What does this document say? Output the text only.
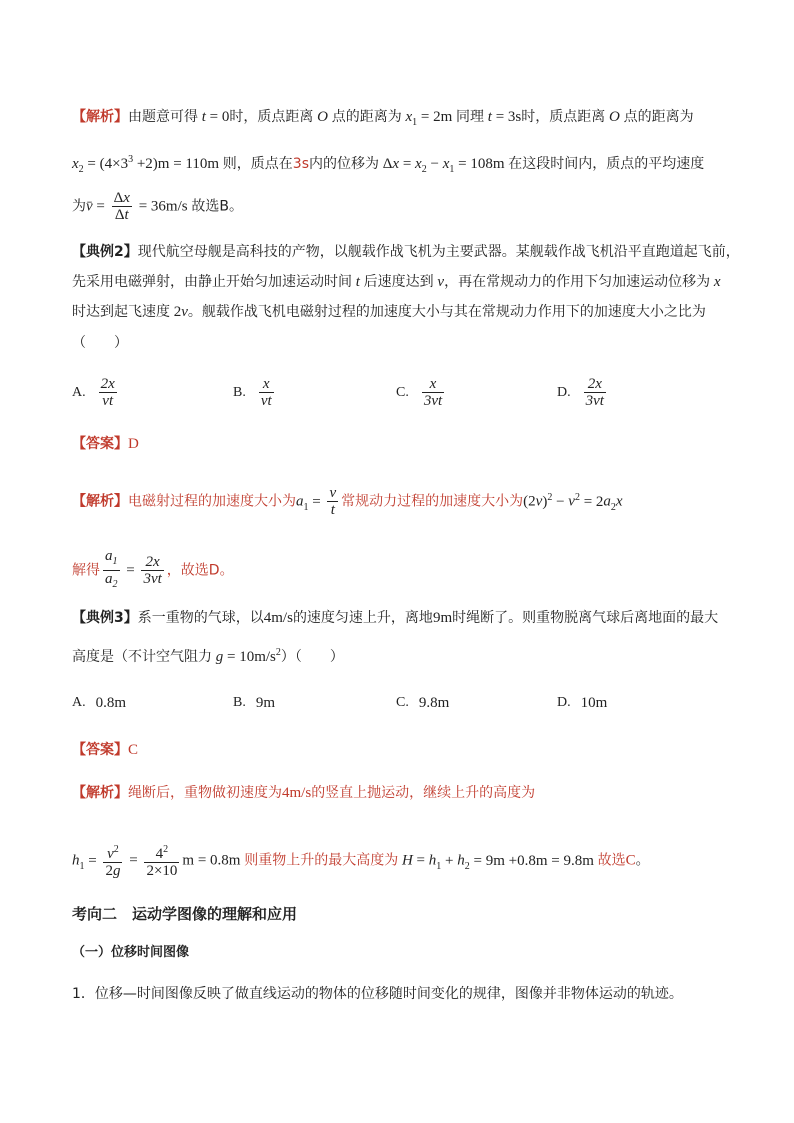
【解析】由题意可得 t = 0时，质点距离 O 点的距离为 $x_1 = 2m$ 同理 t = 3s时，质点距离 O 点的距离为
$x_2 = (4\times 3^3 +2)m = 110m$ 则，质点在3s内的位移为 $\Delta x = x_2 - x_1 = 108m$ 在这段时间内，质点的平均速度
为v̄ = $\frac{\Delta x}{\Delta t} = 36m/s$ 故选B。
【典例2】现代航空母舰是高科技的产物，以舰载作战飞机为主要武器。某舰载作战飞机沿平直跑道起飞前，
先采用电磁弹射，由静止开始匀加速运动时间 t 后速度达到 v，再在常规动力的作用下匀加速运动位移为 x
时达到起飞速度 2v。舰载作战飞机电磁射过程的加速度大小与其在常规动力作用下的加速度大小之比为
（　　）
A. $\frac{2x}{vt}$	B. $\frac{x}{vt}$	C. $\frac{x}{3vt}$	D. $\frac{2x}{3vt}$
【答案】D
【解析】电磁射过程的加速度大小为$a_1 = \frac{v}{t}$ 常规动力过程的加速度大小为$(2v)^2 - v^2 = 2a_2x$
解得 $\frac{a_1}{a_2} = \frac{2x}{3vt}$ ，故选D。
【典例3】系一重物的气球，以4m/s的速度匀速上升，离地9m时绳断了。则重物脱离气球后离地面的最大
高度是（不计空气阻力 $g = 10m/s^2$）（　　）
A. 0.8m	B. 9m	C. 9.8m	D. 10m
【答案】C
【解析】绳断后，重物做初速度为4m/s的竖直上抛运动，继续上升的高度为
$h_1 = \frac{v^2}{2g} = \frac{4^2}{2\times 10}$ m = 0.8m 则重物上升的最大高度为 $H = h_1 + h_2 = 9m +0.8m = 9.8m$ 故选C。
考向二　运动学图像的理解和应用
（一）位移时间图像
1．位移—时间图像反映了做直线运动的物体的位移随时间变化的规律，图像并非物体运动的轨迹。
